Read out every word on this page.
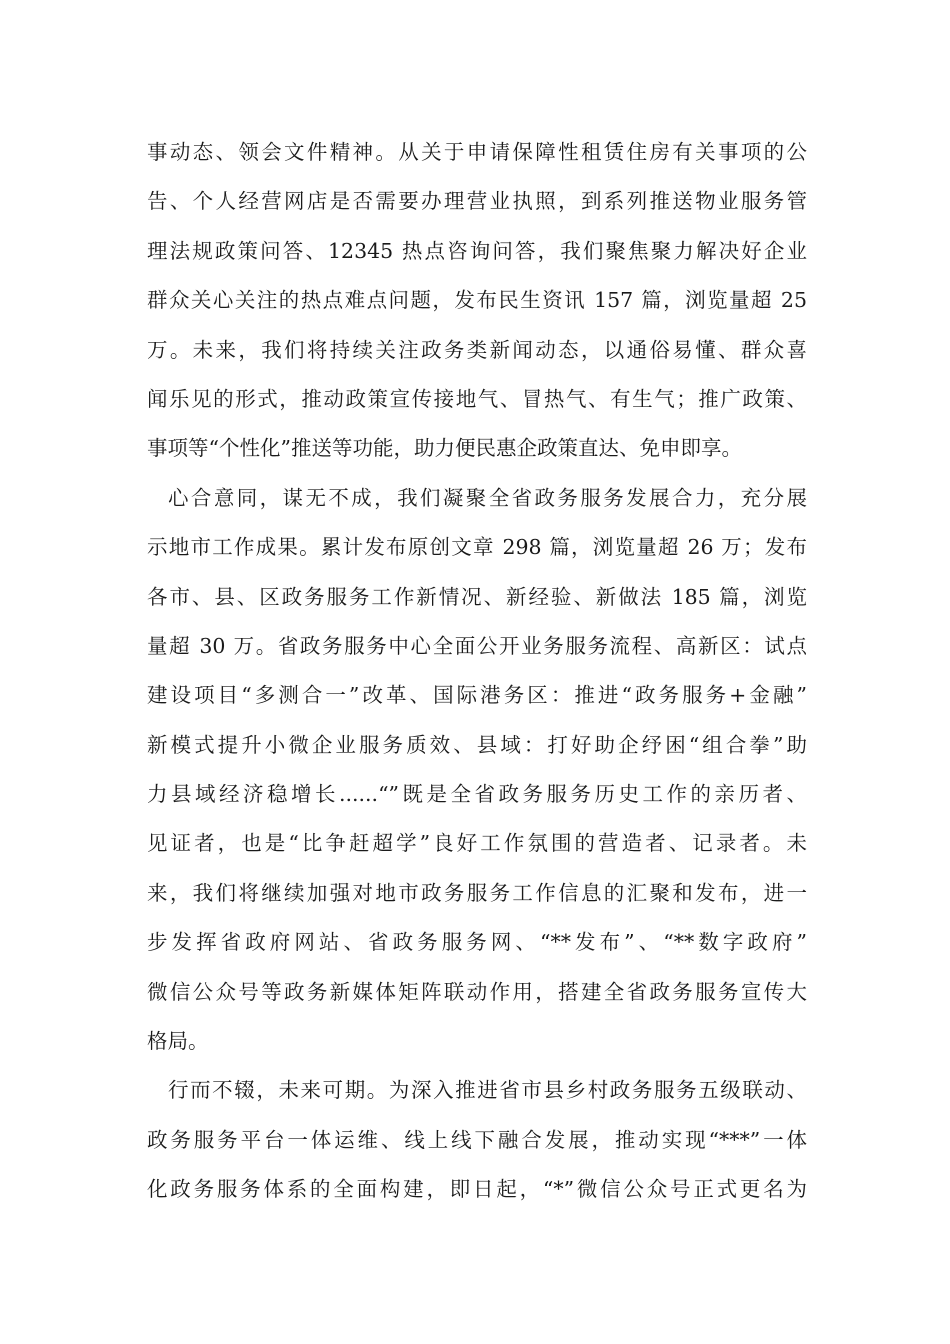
事动态、领会文件精神。从关于申请保障性租赁住房有关事项的公
告、个人经营网店是否需要办理营业执照，到系列推送物业服务管
理法规政策问答、12345 热点咨询问答，我们聚焦聚力解决好企业
群众关心关注的热点难点问题，发布民生资讯 157 篇，浏览量超 25
万。未来，我们将持续关注政务类新闻动态，以通俗易懂、群众喜
闻乐见的形式，推动政策宣传接地气、冒热气、有生气；推广政策、
事项等“个性化”推送等功能，助力便民惠企政策直达、免申即享。
心合意同，谋无不成，我们凝聚全省政务服务发展合力，充分展
示地市工作成果。累计发布原创文章 298 篇，浏览量超 26 万；发布
各市、县、区政务服务工作新情况、新经验、新做法 185 篇，浏览
量超 30 万。省政务服务中心全面公开业务服务流程、高新区：试点
建设项目“多测合一”改革、国际港务区：推进“政务服务+金融”
新模式提升小微企业服务质效、县域：打好助企纾困“组合拳”助
力县域经济稳增长......“”既是全省政务服务历史工作的亲历者、
见证者，也是“比争赶超学”良好工作氛围的营造者、记录者。未
来，我们将继续加强对地市政务服务工作信息的汇聚和发布，进一
步发挥省政府网站、省政务服务网、“**发布”、“**数字政府”
微信公众号等政务新媒体矩阵联动作用，搭建全省政务服务宣传大
格局。
行而不辍，未来可期。为深入推进省市县乡村政务服务五级联动、
政务服务平台一体运维、线上线下融合发展，推动实现“***”一体
化政务服务体系的全面构建，即日起，“*”微信公众号正式更名为
